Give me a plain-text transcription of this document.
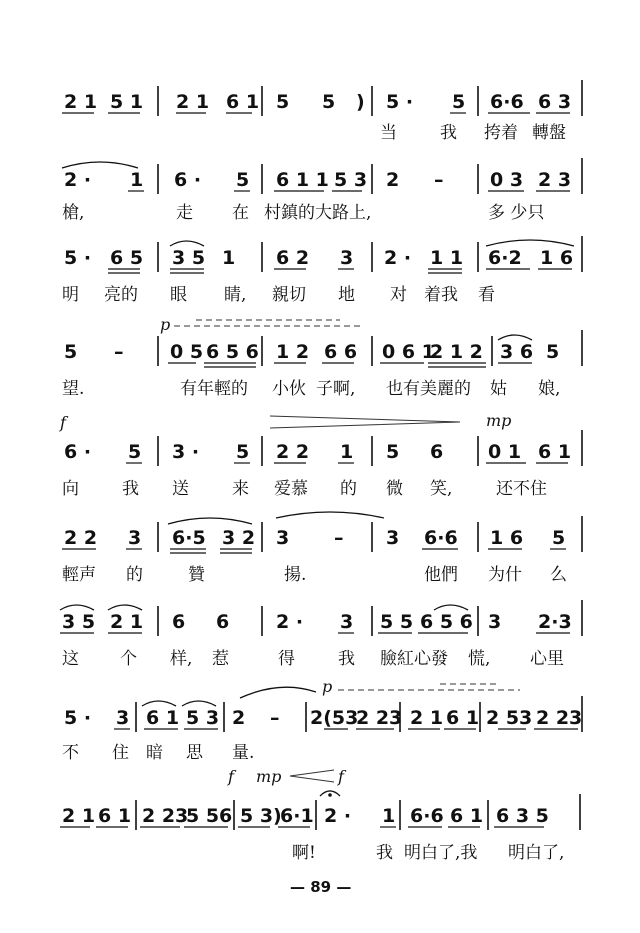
2 1 5 1 2 1 6 1 5 5 ) 5 · 5 6·6 6 3
当	我 挎着 轉盤
2 · 1 6 · 5 6 1 1 5 3 2 – 0 3 2 3
槍,	走 在 村鎮的大路上,	多 少只
5 · 6 5 3 5 1 6 2 3 2 · 1 1 6·2 1 6
明 亮的 眼 睛, 親切 地 对 着我 看
p
5 – 0 5 6 5 6 1 2 6 6 0 6 1
2 1 2 3 6 5
望.	有年輕的 小伙 子啊, 也有美麗的 姑 娘,
f	mp
6 · 5 3 · 5 2 2 1 5 6 0 1 6 1
向	我 送	来 爱慕 的 微 笑,	还不住
2 2 3 6·5 3 2 3 – 3 6·6 1 6 5
輕声 的	贊	揚.	他們 为什 么
3 5 2 1 6 6 2 · 3 5 5 6 5 6 3 2·3
这 个 样, 惹	得	我 臉紅心發 慌, 心里
p
5 · 3 6 1 5 3 2 – 2(53
2 23 2 1 6 1 2 53 2 23
不 住 暗 思 量.
f mp	f
2 1 6 1 2 23
5 56 5 3)
6·1 2 · 1 6·6 6 1 6 3 5
啊!	我 明白了,我 明白了,
— 89 —
